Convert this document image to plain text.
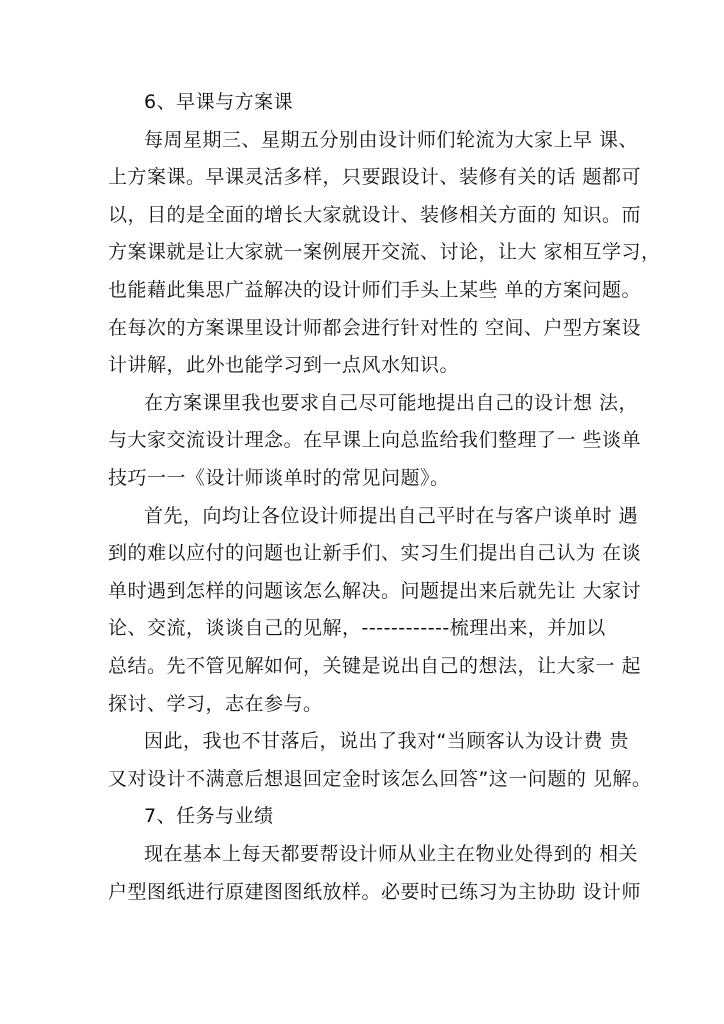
6、早课与方案课
每周星期三、星期五分别由设计师们轮流为大家上早 课、
上方案课。早课灵活多样，只要跟设计、装修有关的话 题都可
以，目的是全面的增长大家就设计、装修相关方面的 知识。而
方案课就是让大家就一案例展开交流、讨论，让大 家相互学习，
也能藉此集思广益解决的设计师们手头上某些 单的方案问题。
在每次的方案课里设计师都会进行针对性的 空间、户型方案设
计讲解，此外也能学习到一点风水知识。
在方案课里我也要求自己尽可能地提出自己的设计想 法，
与大家交流设计理念。在早课上向总监给我们整理了一 些谈单
技巧一一《设计师谈单时的常见问题》。
首先，向均让各位设计师提出自己平时在与客户谈单时 遇
到的难以应付的问题也让新手们、实习生们提出自己认为 在谈
单时遇到怎样的问题该怎么解决。问题提出来后就先让 大家讨
论、交流，谈谈自己的见解，------------梳理出来，并加以
总结。先不管见解如何，关键是说出自己的想法，让大家一 起
探讨、学习，志在参与。
因此，我也不甘落后，说出了我对“当顾客认为设计费 贵
又对设计不满意后想退回定金时该怎么回答”这一问题的 见解。
7、任务与业绩
现在基本上每天都要帮设计师从业主在物业处得到的 相关
户型图纸进行原建图图纸放样。必要时已练习为主协助 设计师
